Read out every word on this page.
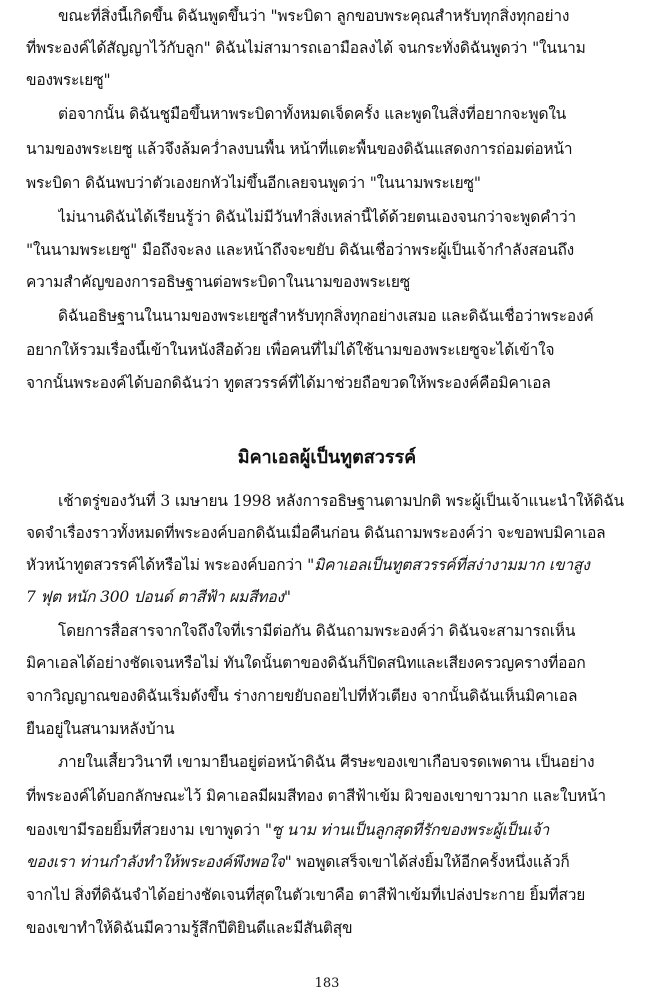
ขณะที่สิ่งนี้เกิดขึ้น ดิฉันพูดขึ้นว่า "พระบิดา ลูกขอบพระคุณสำหรับทุกสิ่งทุกอย่าง
ที่พระองค์ได้สัญญาไว้กับลูก" ดิฉันไม่สามารถเอามือลงได้ จนกระทั่งดิฉันพูดว่า "ในนาม
ของพระเยซู"
ต่อจากนั้น ดิฉันชูมือขึ้นหาพระบิดาทั้งหมดเจ็ดครั้ง และพูดในสิ่งที่อยากจะพูดใน
นามของพระเยซู แล้วจึงล้มคว่ำลงบนพื้น หน้าที่แตะพื้นของดิฉันแสดงการถ่อมต่อหน้า
พระบิดา ดิฉันพบว่าตัวเองยกหัวไม่ขึ้นอีกเลยจนพูดว่า "ในนามพระเยซู"
ไม่นานดิฉันได้เรียนรู้ว่า ดิฉันไม่มีวันทำสิ่งเหล่านี้ได้ด้วยตนเองจนกว่าจะพูดคำว่า
"ในนามพระเยซู" มือถึงจะลง และหน้าถึงจะขยับ ดิฉันเชื่อว่าพระผู้เป็นเจ้ากำลังสอนถึง
ความสำคัญของการอธิษฐานต่อพระบิดาในนามของพระเยซู
ดิฉันอธิษฐานในนามของพระเยซูสำหรับทุกสิ่งทุกอย่างเสมอ และดิฉันเชื่อว่าพระองค์
อยากให้รวมเรื่องนี้เข้าในหนังสือด้วย เพื่อคนที่ไม่ได้ใช้นามของพระเยซูจะได้เข้าใจ
จากนั้นพระองค์ได้บอกดิฉันว่า ทูตสวรรค์ที่ได้มาช่วยถือขวดให้พระองค์คือมิคาเอล
มิคาเอลผู้เป็นทูตสวรรค์
เช้าตรู่ของวันที่ 3 เมษายน 1998 หลังการอธิษฐานตามปกติ พระผู้เป็นเจ้าแนะนำให้ดิฉัน
จดจำเรื่องราวทั้งหมดที่พระองค์บอกดิฉันเมื่อคืนก่อน ดิฉันถามพระองค์ว่า จะขอพบมิคาเอล
หัวหน้าทูตสวรรค์ได้หรือไม่ พระองค์บอกว่า "มิคาเอลเป็นทูตสวรรค์ที่สง่างามมาก เขาสูง
7 ฟุต หนัก 300 ปอนด์ ตาสีฟ้า ผมสีทอง"
โดยการสื่อสารจากใจถึงใจที่เรามีต่อกัน ดิฉันถามพระองค์ว่า ดิฉันจะสามารถเห็น
มิคาเอลได้อย่างชัดเจนหรือไม่ ทันใดนั้นตาของดิฉันก็ปิดสนิทและเสียงครวญครางที่ออก
จากวิญญาณของดิฉันเริ่มดังขึ้น ร่างกายขยับถอยไปที่หัวเตียง จากนั้นดิฉันเห็นมิคาเอล
ยืนอยู่ในสนามหลังบ้าน
ภายในเสี้ยววินาที เขามายืนอยู่ต่อหน้าดิฉัน ศีรษะของเขาเกือบจรดเพดาน เป็นอย่าง
ที่พระองค์ได้บอกลักษณะไว้ มิคาเอลมีผมสีทอง ตาสีฟ้าเข้ม ผิวของเขาขาวมาก และใบหน้า
ของเขามีรอยยิ้มที่สวยงาม เขาพูดว่า "ซู นาม ท่านเป็นลูกสุดที่รักของพระผู้เป็นเจ้า
ของเรา ท่านกำลังทำให้พระองค์พึงพอใจ" พอพูดเสร็จเขาได้ส่งยิ้มให้อีกครั้งหนึ่งแล้วก็
จากไป สิ่งที่ดิฉันจำได้อย่างชัดเจนที่สุดในตัวเขาคือ ตาสีฟ้าเข้มที่เปล่งประกาย ยิ้มที่สวย
ของเขาทำให้ดิฉันมีความรู้สึกปีติยินดีและมีสันติสุข
183
